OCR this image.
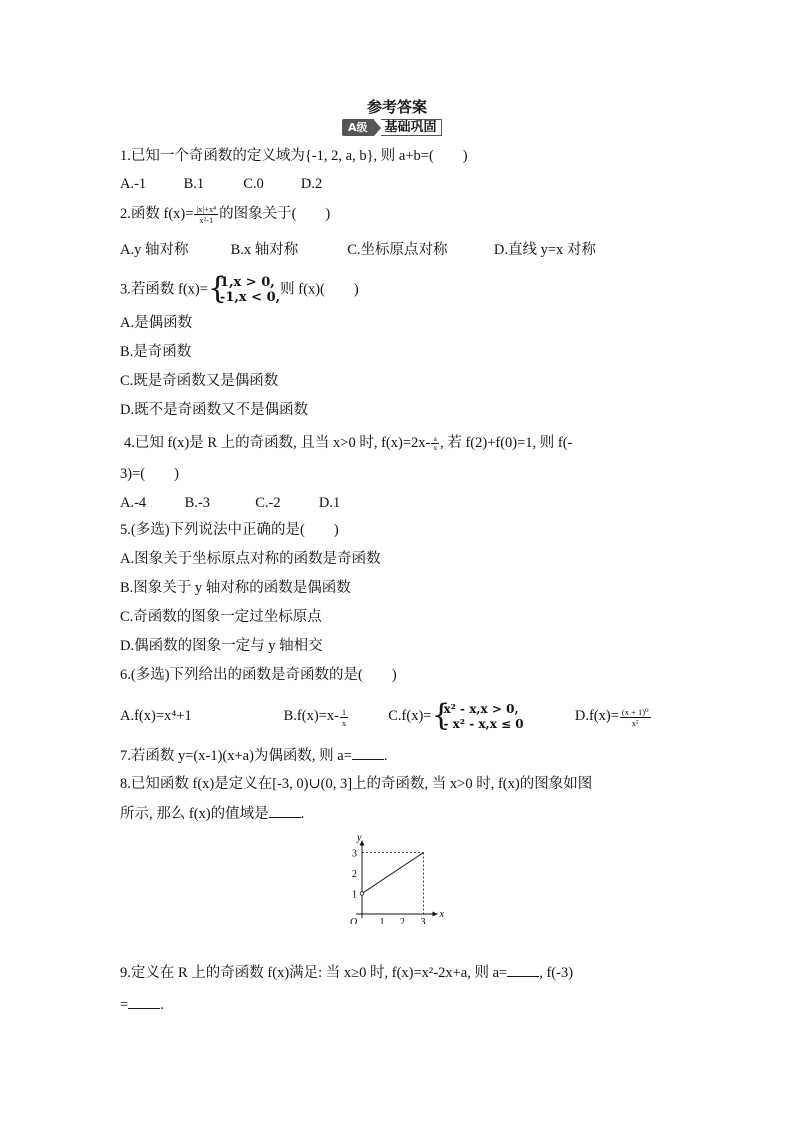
参考答案
A级	基础巩固
1.已知一个奇函数的定义域为{-1, 2, a, b}, 则 a+b=(　　)
A.-1	B.1	C.0	D.2
2.函数 $f(x)= \frac{\text{|x|+x⁴}}{\text{x²-1}}$ 的图象关于(　　)
A.y 轴对称	B.x 轴对称	C.坐标原点对称	D.直线 y=x 对称
3.若函数 f(x)= {
1,x > 0,
-1,x < 0,
则 f(x)(　　)
A.是偶函数
B.是奇函数
C.既是奇函数又是偶函数
D.既不是奇函数又不是偶函数
4.已知 f(x)是 R 上的奇函数, 且当 x>0 时, $f(x)=2x- \frac{a}{x}$ , 若 f(2)+f(0)=1, 则 f(-
3)=(　　)
A.-4	B.-3	C.-2	D.1
5.(多选)下列说法中正确的是(　　)
A.图象关于坐标原点对称的函数是奇函数
B.图象关于 y 轴对称的函数是偶函数
C.奇函数的图象一定过坐标原点
D.偶函数的图象一定与 y 轴相交
6.(多选)下列给出的函数是奇函数的是(　　)
A.f(x)=x⁴+1	$B.f(x)=x- \frac{1}{x}$	C.f(x)= {
x² - x,x > 0,
- x² - x,x ≤ 0	$D.f(x)= \frac{\text{(x + 1)⁰}}{\text{x²}}$
7.若函数 y=(x-1)(x+a)为偶函数, 则 a= .
8.已知函数 f(x)是定义在[-3, 0)∪(0, 3]上的奇函数, 当 x>0 时, f(x)的图象如图
所示, 那么 f(x)的值域是 .
x
y
O 1 2 3
1
2
3
9.定义在 R 上的奇函数 f(x)满足: 当 x≥0 时, f(x)=x²-2x+a, 则 a= , f(-3)
= .
